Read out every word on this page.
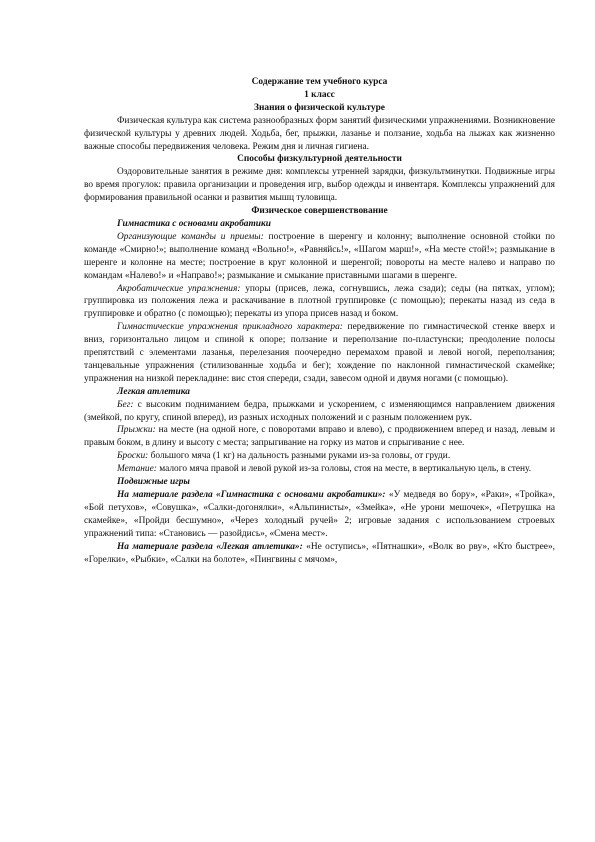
Содержание тем учебного курса

1 класс

Знания о физической культуре

Физическая культура как система разнообразных форм занятий физическими упражнениями. Возникновение физической культуры у древних людей. Ходьба, бег, прыжки, лазанье и ползание, ходьба на лыжах как жизненно важные способы передвижения человека. Режим дня и личная гигиена.

Способы физкультурной деятельности

Оздоровительные занятия в режиме дня: комплексы утренней зарядки, физкультминутки. Подвижные игры во время прогулок: правила организации и проведения игр, выбор одежды и инвентаря. Комплексы упражнений для формирования правильной осанки и развития мышц туловища.

Физическое совершенствование

Гимнастика с основами акробатики

Организующие команды и приемы: построение в шеренгу и колонну; выполнение основной стойки по команде «Смирно!»; выполнение команд «Вольно!», «Равняйсь!», «Шагом марш!», «На месте стой!»; размыкание в шеренге и колонне на месте; построение в круг колонной и шеренгой; повороты на месте налево и направо по командам «Налево!» и «Направо!»; размыкание и смыкание приставными шагами в шеренге.

Акробатические упражнения: упоры (присев, лежа, согнувшись, лежа сзади); седы (на пятках, углом); группировка из положения лежа и раскачивание в плотной группировке (с помощью); перекаты назад из седа в группировке и обратно (с помощью); перекаты из упора присев назад и боком.

Гимнастические упражнения прикладного характера: передвижение по гимнастической стенке вверх и вниз, горизонтально лицом и спиной к опоре; ползание и переползание по-пластунски; преодоление полосы препятствий с элементами лазанья, перелезания поочередно перемахом правой и левой ногой, переползания; танцевальные упражнения (стилизованные ходьба и бег); хождение по наклонной гимнастической скамейке; упражнения на низкой перекладине: вис стоя спереди, сзади, завесом одной и двумя ногами (с помощью).

Легкая атлетика

Бег: с высоким подниманием бедра, прыжками и ускорением, с изменяющимся направлением движения (змейкой, по кругу, спиной вперед), из разных исходных положений и с разным положением рук.

Прыжки: на месте (на одной ноге, с поворотами вправо и влево), с продвижением вперед и назад, левым и правым боком, в длину и высоту с места; запрыгивание на горку из матов и спрыгивание с нее.

Броски: большого мяча (1 кг) на дальность разными руками из-за головы, от груди.

Метание: малого мяча правой и левой рукой из-за головы, стоя на месте, в вертикальную цель, в стену.

Подвижные игры

На материале раздела «Гимнастика с основами акробатики»: «У медведя во бору», «Раки», «Тройка», «Бой петухов», «Совушка», «Салки-догонялки», «Альпинисты», «Змейка», «Не урони мешочек», «Петрушка на скамейке», «Пройди бесшумно», «Через холодный ручей» 2; игровые задания с использованием строевых упражнений типа: «Становись — разойдись», «Смена мест».

На материале раздела «Легкая атлетика»: «Не оступись», «Пятнашки», «Волк во рву», «Кто быстрее», «Горелки», «Рыбки», «Салки на болоте», «Пингвины с мячом»,
